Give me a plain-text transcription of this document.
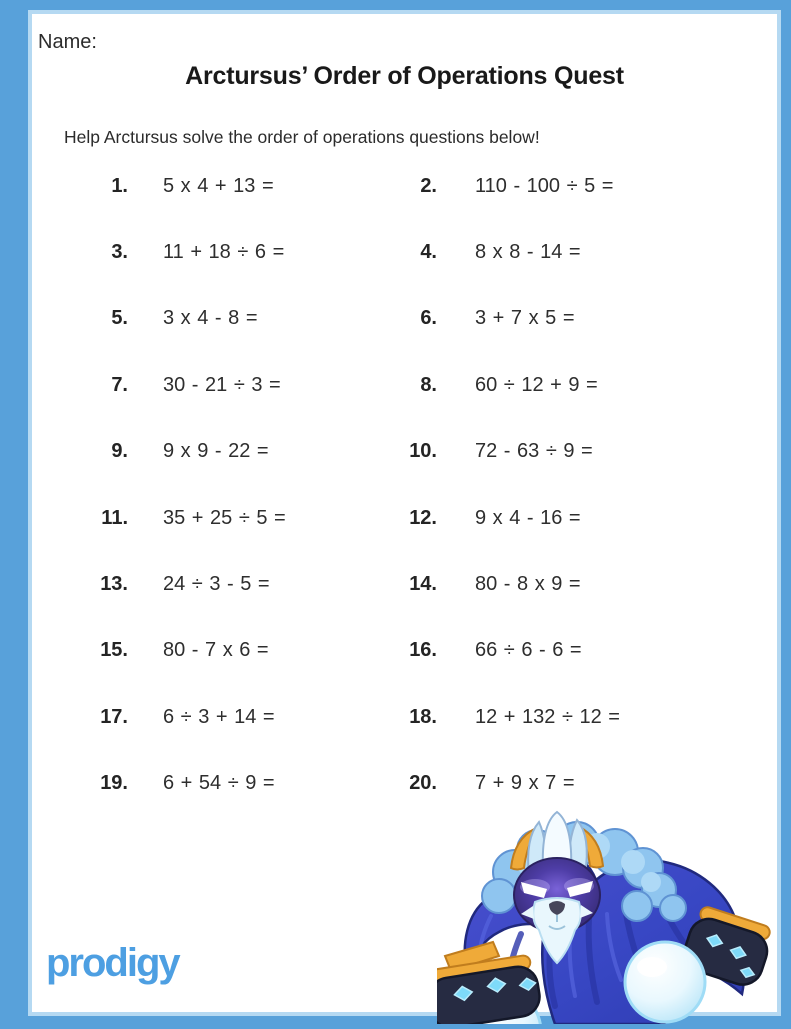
Name:
Arctursus’ Order of Operations Quest
Help Arctursus solve the order of operations questions below!
1.	5 x 4 + 13 =	2.	110 - 100 ÷ 5 =
3.	11 + 18 ÷ 6 =	4.	8 x 8 - 14 =
5.	3 x 4 - 8 =	6.	3 + 7 x 5 =
7.	30 - 21 ÷ 3 =	8.	60 ÷ 12 + 9 =
9.	9 x 9 - 22 =	10.	72 - 63 ÷ 9 =
11.	35 + 25 ÷ 5 =	12.	9 x 4 - 16 =
13.	24 ÷ 3 - 5 =	14.	80 - 8 x 9 =
15.	80 - 7 x 6 =	16.	66 ÷ 6 - 6 =
17.	6 ÷ 3 + 14 =	18.	12 + 132 ÷ 12 =
19.	6 + 54 ÷ 9 =	20.	7 + 9 x 7 =
prodigy
